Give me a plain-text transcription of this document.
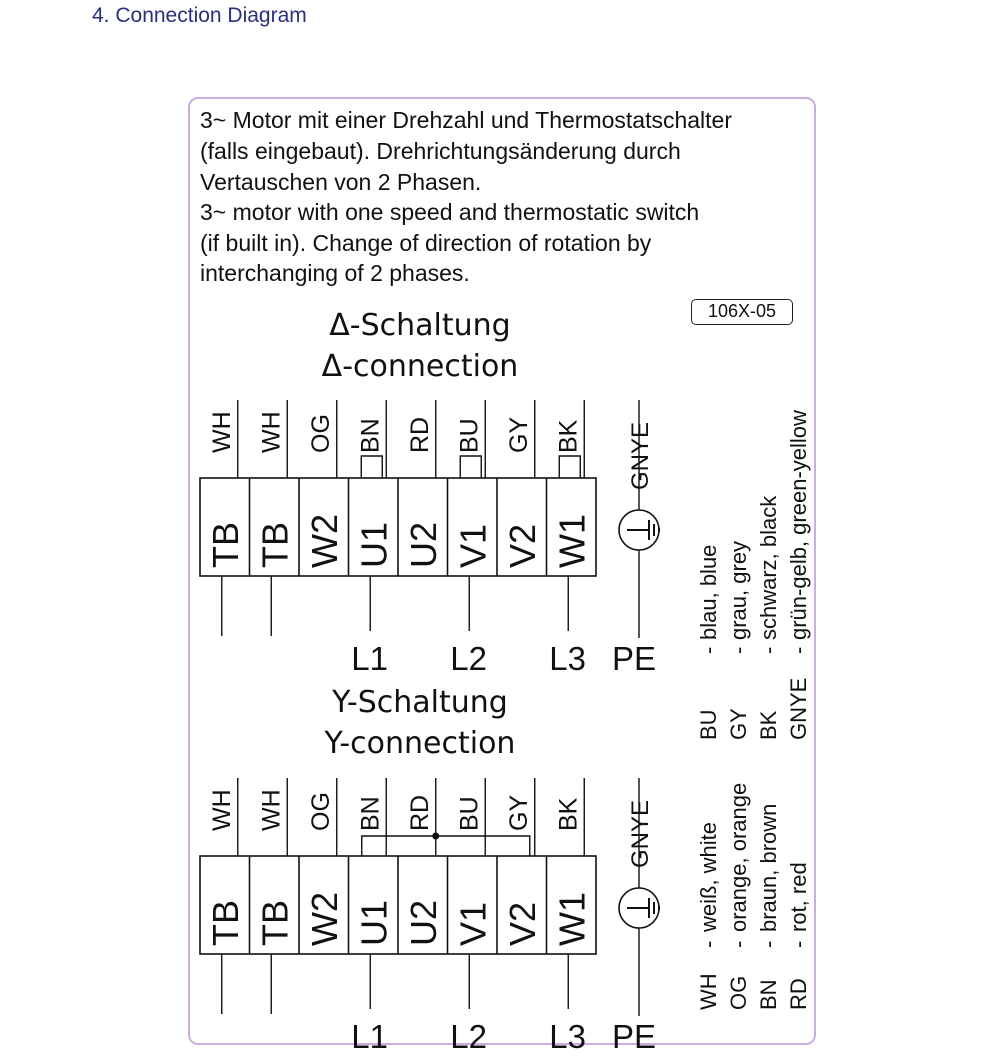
4. Connection Diagram
3~ Motor mit einer Drehzahl und Thermostatschalter
(falls eingebaut). Drehrichtungsänderung durch
Vertauschen von 2 Phasen.
3~ motor with one speed and thermostatic switch
(if built in). Change of direction of rotation by
interchanging of 2 phases.
106X-05
Δ-Schaltung
Δ-connection
Y-Schaltung
Y-connection
WH WH OG BN RD BU GY BK
TB TB W2 U1 U2 V1 V2 W1
L1 L2 L3 PE
GNYE
WH WH OG BN RD BU GY BK
TB TB W2 U1 U2 V1 V2 W1
L1 L2 L3 PE
GNYE
BU
-
blau, blue
GY
-
grau, grey
BK
-
schwarz, black
GNYE
-
grün-gelb, green-yellow
WH
-
weiß, white
OG
-
orange, orange
BN
-
braun, brown
RD
-
rot, red
